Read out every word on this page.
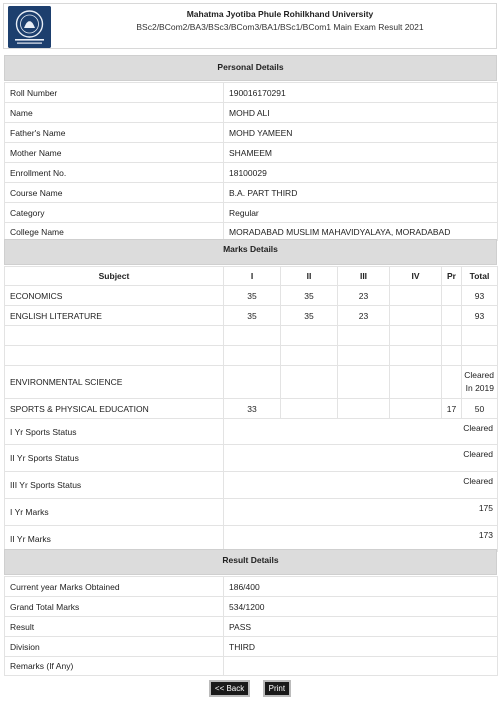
Mahatma Jyotiba Phule Rohilkhand University
BSc2/BCom2/BA3/BSc3/BCom3/BA1/BSc1/BCom1 Main Exam Result 2021
Personal Details
Roll Number	190016170291
Name	MOHD ALI
Father's Name	MOHD YAMEEN
Mother Name	SHAMEEM
Enrollment No.	18100029
Course Name	B.A. PART THIRD
Category	Regular
College Name	MORADABAD MUSLIM MAHAVIDYALAYA, MORADABAD
Marks Details
Subject	I	II	III	IV	Pr	Total
ECONOMICS	35	35	23			93
ENGLISH LITERATURE	35	35	23			93

ENVIRONMENTAL SCIENCE						Cleared In 2019
SPORTS & PHYSICAL EDUCATION	33				17	50
I Yr Sports Status	Cleared
II Yr Sports Status	Cleared
III Yr Sports Status	Cleared
I Yr Marks	175
II Yr Marks	173
Result Details
Current year Marks Obtained	186/400
Grand Total Marks	534/1200
Result	PASS
Division	THIRD
Remarks (If Any)	
<< Back	Print
